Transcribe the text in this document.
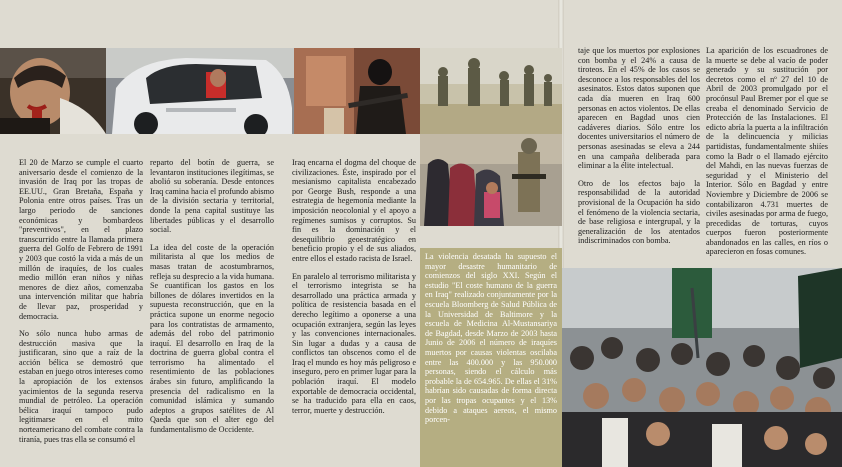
El 20 de Marzo se cumple el cuarto aniversario desde el comienzo de la invasión de Iraq por las tropas de EE.UU., Gran Bretaña, España y Polonia entre otros países. Tras un largo periodo de sanciones económicas y bombardeos "preventivos", en el plazo transcurrido entre la llamada primera guerra del Golfo de Febrero de 1991 y 2003 que costó la vida a más de un millón de iraquíes, de los cuales medio millón eran niños y niñas menores de diez años, comenzaba una intervención militar que habría de llevar paz, prosperidad y democracia.

No sólo nunca hubo armas de destrucción masiva que la justificaran, sino que a raíz de la acción bélica se demostró que estaban en juego otros intereses como la apropiación de los extensos yacimientos de la segunda reserva mundial de petróleo. La operación bélica iraquí tampoco pudo legitimarse en el mito norteamericano del combate contra la tiranía, pues tras ella se consumó el

reparto del botín de guerra, se levantaron instituciones ilegítimas, se abolió su soberanía. Desde entonces Iraq camina hacia el profundo abismo de la división sectaria y territorial, donde la pena capital sustituye las libertades públicas y el desarrollo social.

La idea del coste de la operación militarista al que los medios de masas tratan de acostumbrarnos, refleja su desprecio a la vida humana. Se cuantifican los gastos en los billones de dólares invertidos en la supuesta reconstrucción, que en la práctica supone un enorme negocio para los contratistas de armamento, además del robo del patrimonio iraquí. El desarrollo en Iraq de la doctrina de guerra global contra el terrorismo ha alimentado el resentimiento de las poblaciones árabes sin futuro, amplificando la presencia del radicalismo en la comunidad islámica y sumando adeptos a grupos satélites de Al Qaeda que son el alter ego del fundamentalismo de Occidente.

Iraq encarna el dogma del choque de civilizaciones. Éste, inspirado por el mesianismo capitalista encabezado por George Bush, responde a una estrategia de hegemonía mediante la imposición neocolonial y el apoyo a regímenes sumisos y corruptos. Su fin es la dominación y el desequilibrio geoestratégico en beneficio propio y el de sus aliados, entre ellos el estado racista de Israel.

En paralelo al terrorismo militarista y el terrorismo integrista se ha desarrollado una práctica armada y política de resistencia basada en el derecho legítimo a oponerse a una ocupación extranjera, según las leyes y las convenciones internacionales. Sin lugar a dudas y a causa de conflictos tan obscenos como el de Iraq el mundo es hoy más peligroso e inseguro, pero en primer lugar para la población iraquí. El modelo exportable de democracia occidental, se ha traducido para ella en caos, terror, muerte y destrucción.

La violencia desatada ha supuesto el mayor desastre humanitario de comienzos del siglo XXI. Según el estudio "El coste humano de la guerra en Iraq" realizado conjuntamente por la escuela Bloomberg de Salud Pública de la Universidad de Baltimore y la escuela de Medicina Al-Mustansariya de Bagdad, desde Marzo de 2003 hasta Junio de 2006 el número de iraquíes muertos por causas violentas oscilaba entre las 400.000 y las 950.000 personas, siendo el cálculo más probable la de 654.965. De ellas el 31% habrían sido causadas de forma directa por las tropas ocupantes y el 13% debido a ataques aereos, el mismo porcen-

taje que los muertos por explosiones con bomba y el 24% a causa de tiroteos. En el 45% de los casos se desconoce a los responsables del los asesinatos. Estos datos suponen que cada día mueren en Iraq 600 personas en actos violentos. De ellas aparecen en Bagdad unos cien cadáveres diarios. Sólo entre los docentes universitarios el número de personas asesinadas se eleva a 244 en una campaña deliberada para eliminar a la élite intelectual.

Otro de los efectos bajo la responsabilidad de la autoridad provisional de la Ocupación ha sido el fenómeno de la violencia sectaria, de base religiosa e intergrupal, y la generalización de los atentados indiscriminados con bomba.

La aparición de los escuadrones de la muerte se debe al vacío de poder generado y su sustitución por decretos como el nº 27 del 10 de Abril de 2003 promulgado por el procónsul Paul Bremer por el que se creaba el denominado Servicio de Protección de las Instalaciones. El edicto abría la puerta a la infiltración de la delincuencia y milicias partidistas, fundamentalmente shiíes como la Badr o el llamado ejército del Mahdi, en las nuevas fuerzas de seguridad y el Ministerio del Interior. Sólo en Bagdad y entre Noviembre y Diciembre de 2006 se contabilizaron 4.731 muertes de civiles asesinadas por arma de fuego, precedidas de torturas, cuyos cuerpos fueron posteriormente abandonados en las calles, en ríos o aparecieron en fosas comunes.
